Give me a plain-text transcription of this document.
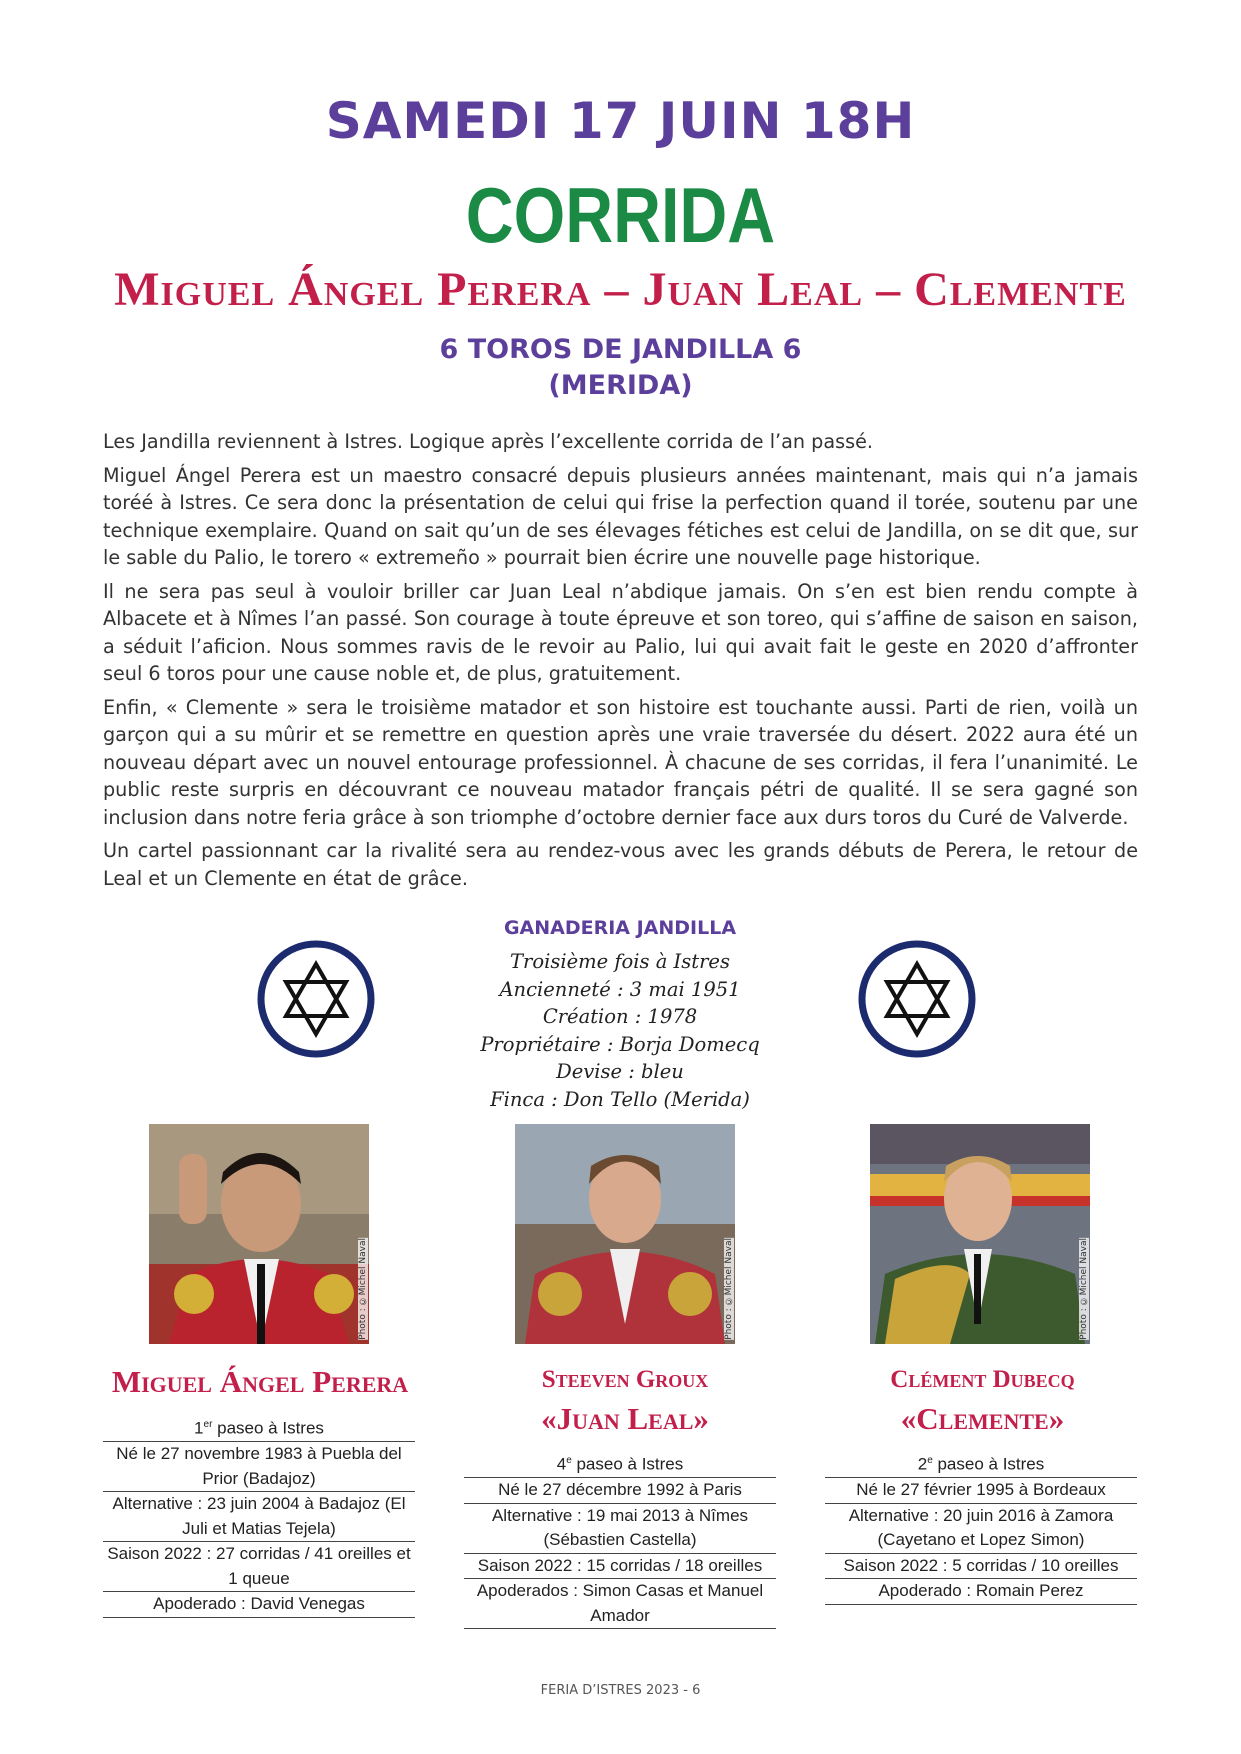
SAMEDI 17 JUIN 18H
CORRIDA
Miguel Ángel Perera – Juan Leal – Clemente
6 TOROS DE JANDILLA 6
(MERIDA)

Les Jandilla reviennent à Istres. Logique après l’excellente corrida de l’an passé.

Miguel Ángel Perera est un maestro consacré depuis plusieurs années maintenant, mais qui n’a jamais toréé à Istres. Ce sera donc la présentation de celui qui frise la perfection quand il torée, soutenu par une technique exemplaire. Quand on sait qu’un de ses élevages fétiches est celui de Jandilla, on se dit que, sur le sable du Palio, le torero « extremeño » pourrait bien écrire une nouvelle page historique.

Il ne sera pas seul à vouloir briller car Juan Leal n’abdique jamais. On s’en est bien rendu compte à Albacete et à Nîmes l’an passé. Son courage à toute épreuve et son toreo, qui s’affine de saison en saison, a séduit l’aficion. Nous sommes ravis de le revoir au Palio, lui qui avait fait le geste en 2020 d’affronter seul 6 toros pour une cause noble et, de plus, gratuitement.

Enfin, « Clemente » sera le troisième matador et son histoire est touchante aussi. Parti de rien, voilà un garçon qui a su mûrir et se remettre en question après une vraie traversée du désert. 2022 aura été un nouveau départ avec un nouvel entourage professionnel. À chacune de ses corridas, il fera l’unanimité. Le public reste surpris en découvrant ce nouveau matador français pétri de qualité. Il se sera gagné son inclusion dans notre feria grâce à son triomphe d’octobre dernier face aux durs toros du Curé de Valverde.

Un cartel passionnant car la rivalité sera au rendez-vous avec les grands débuts de Perera, le retour de Leal et un Clemente en état de grâce.

GANADERIA JANDILLA
Troisième fois à Istres
Ancienneté : 3 mai 1951
Création : 1978
Propriétaire : Borja Domecq
Devise : bleu
Finca : Don Tello (Merida)
Photo : ©Michel Naval	Photo : ©Michel Naval	Photo : ©Michel Naval
Miguel Ángel Perera
1er paseo à Istres
Né le 27 novembre 1983 à Puebla del Prior (Badajoz)
Alternative : 23 juin 2004 à Badajoz (El Juli et Matias Tejela)
Saison 2022 : 27 corridas / 41 oreilles et 1 queue
Apoderado : David Venegas
Steeven Groux
«Juan Leal»
4e paseo à Istres
Né le 27 décembre 1992 à Paris
Alternative : 19 mai 2013 à Nîmes (Sébastien Castella)
Saison 2022 : 15 corridas / 18 oreilles
Apoderados : Simon Casas et Manuel Amador
Clément Dubecq
«Clemente»
2e paseo à Istres
Né le 27 février 1995 à Bordeaux
Alternative : 20 juin 2016 à Zamora (Cayetano et Lopez Simon)
Saison 2022 : 5 corridas / 10 oreilles
Apoderado : Romain Perez
FERIA D’ISTRES 2023 - 6
